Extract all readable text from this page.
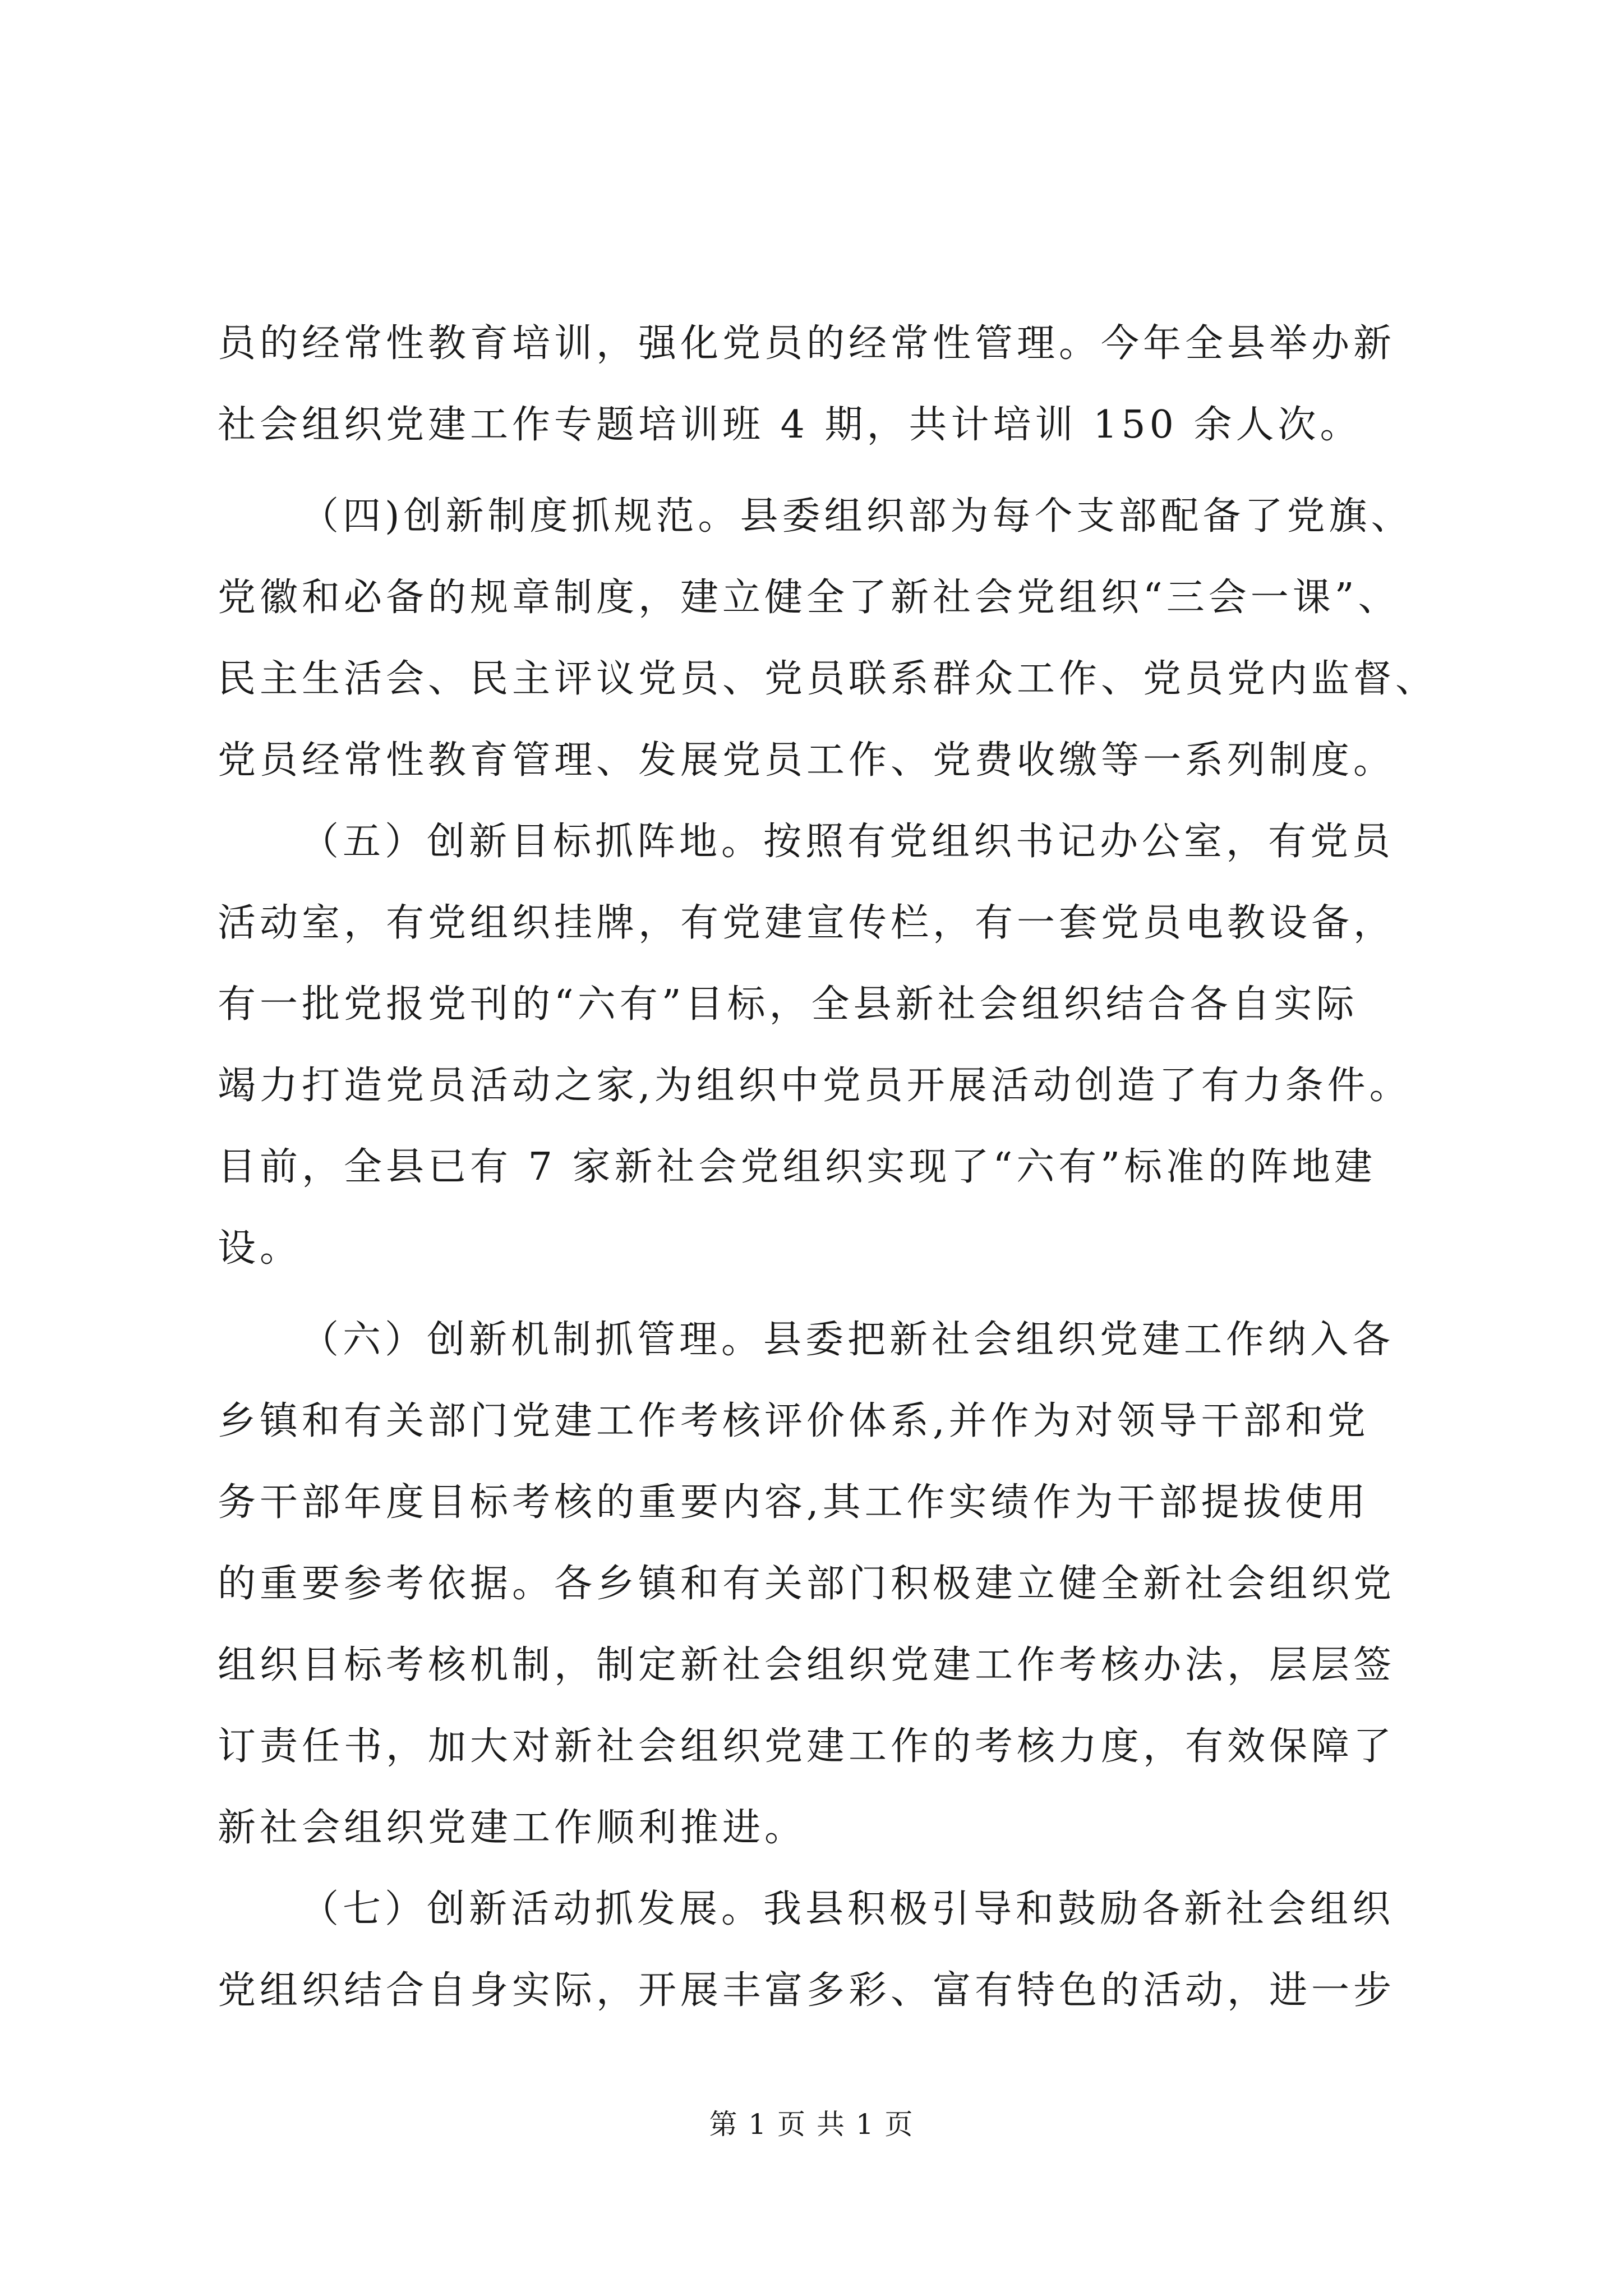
员的经常性教育培训，强化党员的经常性管理。今年全县举办新
社会组织党建工作专题培训班 4 期，共计培训 150 余人次。
（四)创新制度抓规范。县委组织部为每个支部配备了党旗、
党徽和必备的规章制度，建立健全了新社会党组织“三会一课”、
民主生活会、民主评议党员、党员联系群众工作、党员党内监督、
党员经常性教育管理、发展党员工作、党费收缴等一系列制度。
（五）创新目标抓阵地。按照有党组织书记办公室，有党员
活动室，有党组织挂牌，有党建宣传栏，有一套党员电教设备，
有一批党报党刊的“六有”目标，全县新社会组织结合各自实际
竭力打造党员活动之家,为组织中党员开展活动创造了有力条件。
目前，全县已有 7 家新社会党组织实现了“六有”标准的阵地建
设。
（六）创新机制抓管理。县委把新社会组织党建工作纳入各
乡镇和有关部门党建工作考核评价体系,并作为对领导干部和党
务干部年度目标考核的重要内容,其工作实绩作为干部提拔使用
的重要参考依据。各乡镇和有关部门积极建立健全新社会组织党
组织目标考核机制，制定新社会组织党建工作考核办法，层层签
订责任书，加大对新社会组织党建工作的考核力度，有效保障了
新社会组织党建工作顺利推进。
（七）创新活动抓发展。我县积极引导和鼓励各新社会组织
党组织结合自身实际，开展丰富多彩、富有特色的活动，进一步
第 1 页 共 1 页
